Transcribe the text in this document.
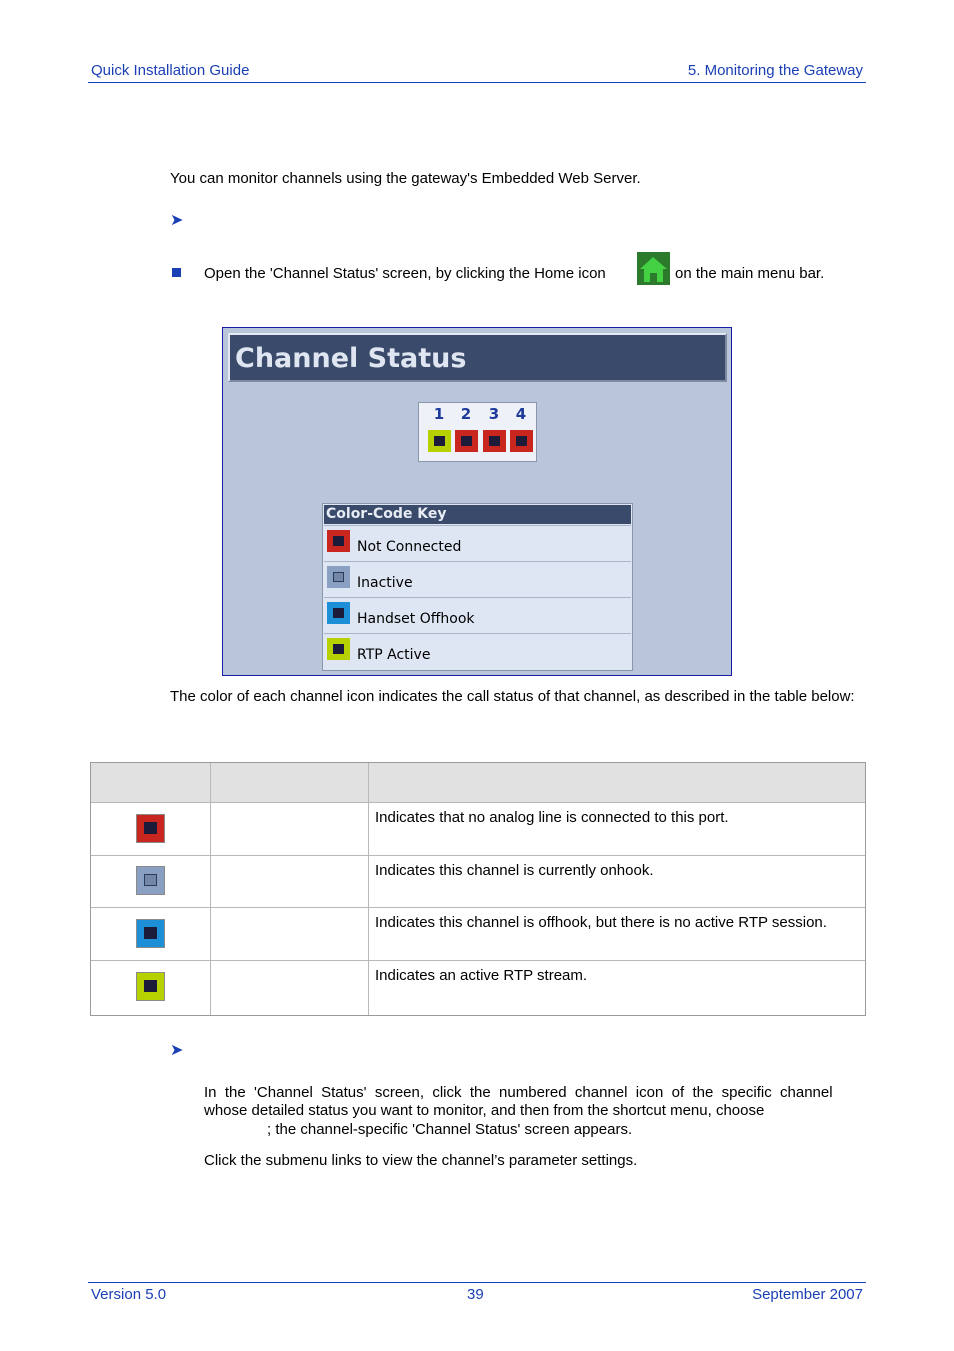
Quick Installation Guide	5. Monitoring the Gateway
You can monitor channels using the gateway's Embedded Web Server.
➤
Open the 'Channel Status' screen, by clicking the Home icon	on the main menu bar.
Channel Status
1	2	3	4
Color-Code Key
Not Connected
Inactive
Handset Offhook
RTP Active
The color of each channel icon indicates the call status of that channel, as described in the table below:
Indicates that no analog line is connected to this port.
Indicates this channel is currently onhook.
Indicates this channel is offhook, but there is no active RTP session.
Indicates an active RTP stream.
➤
In  the  'Channel  Status'  screen,  click  the  numbered  channel  icon  of  the  specific  channel
whose detailed status you want to monitor, and then from the shortcut menu, choose
; the channel-specific 'Channel Status' screen appears.
Click the submenu links to view the channel’s parameter settings.
Version 5.0	39	September 2007
